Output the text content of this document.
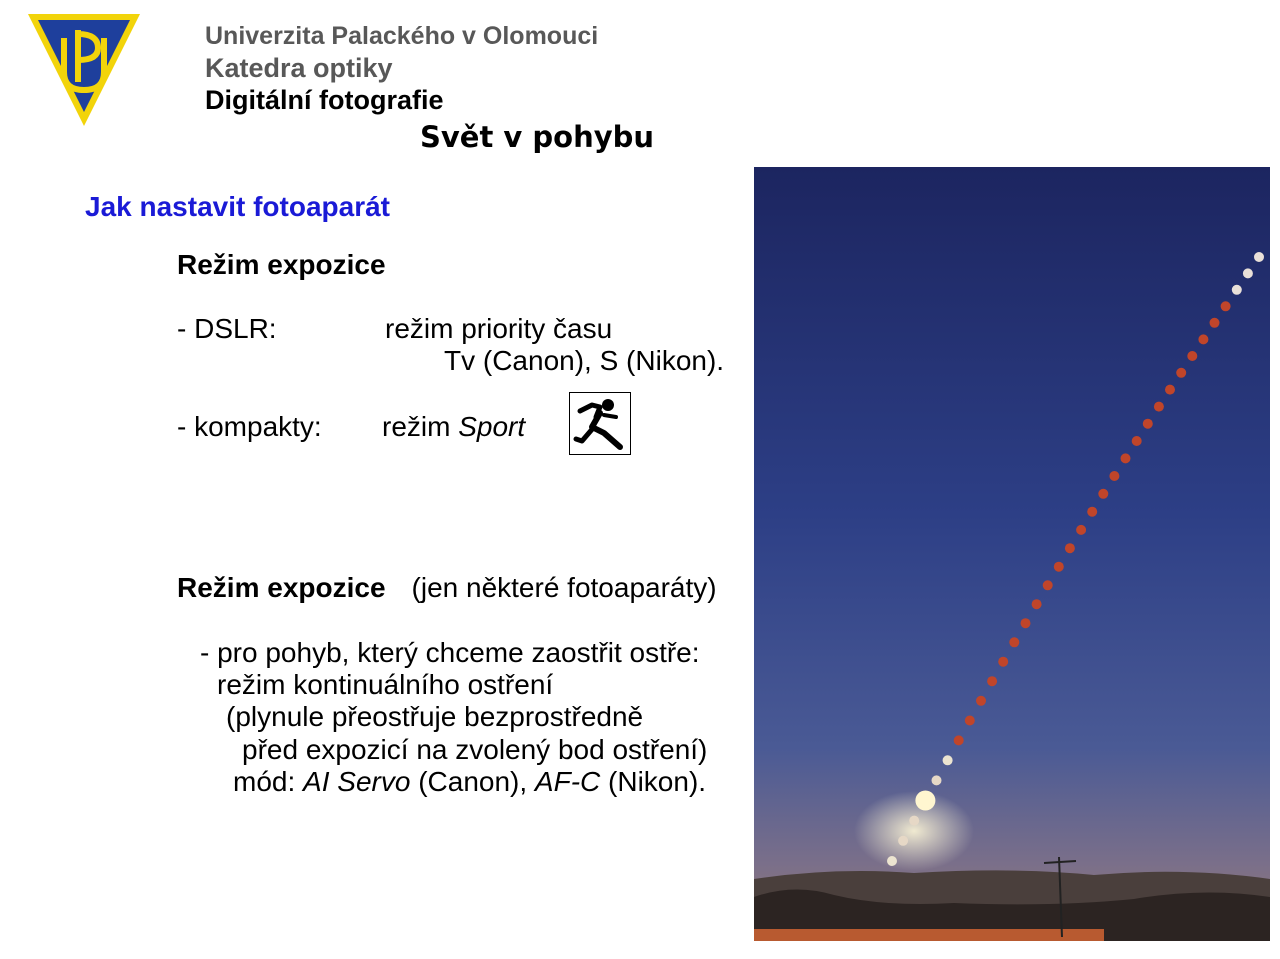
Univerzita Palackého v Olomouci
Katedra optiky
Digitální fotografie
Svět v pohybu
Jak nastavit fotoaparát
Režim expozice
- DSLR:	režim priority času
Tv (Canon), S (Nikon).
- kompakty: režim Sport
Režim expozice (jen některé fotoaparáty)
- pro pohyb, který chceme zaostřit ostře:
režim kontinuálního ostření
(plynule přeostřuje bezprostředně
před expozicí na zvolený bod ostření)
mód: AI Servo (Canon), AF-C (Nikon).
